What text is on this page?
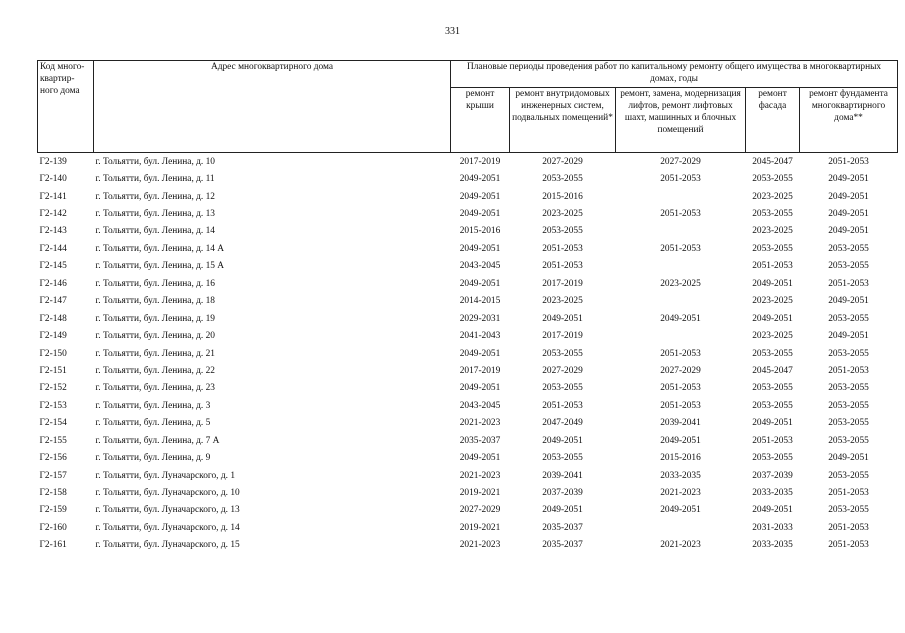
331
Код много-
квартир-
ного дома	Адрес многоквартирного дома	Плановые периоды проведения работ по капитальному ремонту общего имущества в многоквартирных домах, годы				
		ремонт крыши	ремонт внутридомовых инженерных систем, подвальных помещений*	ремонт, замена, модернизация лифтов, ремонт лифтовых шахт, машинных и блочных помещений	ремонт фасада	ремонт фундамента многоквартирного дома**
Г2-139	г. Тольятти, бул. Ленина, д. 10	2017-2019	2027-2029	2027-2029	2045-2047	2051-2053
Г2-140	г. Тольятти, бул. Ленина, д. 11	2049-2051	2053-2055	2051-2053	2053-2055	2049-2051
Г2-141	г. Тольятти, бул. Ленина, д. 12	2049-2051	2015-2016		2023-2025	2049-2051
Г2-142	г. Тольятти, бул. Ленина, д. 13	2049-2051	2023-2025	2051-2053	2053-2055	2049-2051
Г2-143	г. Тольятти, бул. Ленина, д. 14	2015-2016	2053-2055		2023-2025	2049-2051
Г2-144	г. Тольятти, бул. Ленина, д. 14 А	2049-2051	2051-2053	2051-2053	2053-2055	2053-2055
Г2-145	г. Тольятти, бул. Ленина, д. 15 А	2043-2045	2051-2053		2051-2053	2053-2055
Г2-146	г. Тольятти, бул. Ленина, д. 16	2049-2051	2017-2019	2023-2025	2049-2051	2051-2053
Г2-147	г. Тольятти, бул. Ленина, д. 18	2014-2015	2023-2025		2023-2025	2049-2051
Г2-148	г. Тольятти, бул. Ленина, д. 19	2029-2031	2049-2051	2049-2051	2049-2051	2053-2055
Г2-149	г. Тольятти, бул. Ленина, д. 20	2041-2043	2017-2019		2023-2025	2049-2051
Г2-150	г. Тольятти, бул. Ленина, д. 21	2049-2051	2053-2055	2051-2053	2053-2055	2053-2055
Г2-151	г. Тольятти, бул. Ленина, д. 22	2017-2019	2027-2029	2027-2029	2045-2047	2051-2053
Г2-152	г. Тольятти, бул. Ленина, д. 23	2049-2051	2053-2055	2051-2053	2053-2055	2053-2055
Г2-153	г. Тольятти, бул. Ленина, д. 3	2043-2045	2051-2053	2051-2053	2053-2055	2053-2055
Г2-154	г. Тольятти, бул. Ленина, д. 5	2021-2023	2047-2049	2039-2041	2049-2051	2053-2055
Г2-155	г. Тольятти, бул. Ленина, д. 7 А	2035-2037	2049-2051	2049-2051	2051-2053	2053-2055
Г2-156	г. Тольятти, бул. Ленина, д. 9	2049-2051	2053-2055	2015-2016	2053-2055	2049-2051
Г2-157	г. Тольятти, бул. Луначарского, д. 1	2021-2023	2039-2041	2033-2035	2037-2039	2053-2055
Г2-158	г. Тольятти, бул. Луначарского, д. 10	2019-2021	2037-2039	2021-2023	2033-2035	2051-2053
Г2-159	г. Тольятти, бул. Луначарского, д. 13	2027-2029	2049-2051	2049-2051	2049-2051	2053-2055
Г2-160	г. Тольятти, бул. Луначарского, д. 14	2019-2021	2035-2037		2031-2033	2051-2053
Г2-161	г. Тольятти, бул. Луначарского, д. 15	2021-2023	2035-2037	2021-2023	2033-2035	2051-2053
